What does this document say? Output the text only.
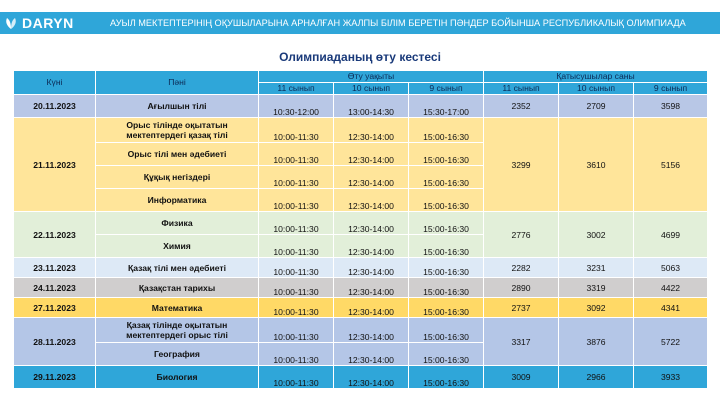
DARYN	АУЫЛ МЕКТЕПТЕРІНІҢ ОҚУШЫЛАРЫНА АРНАЛҒАН ЖАЛПЫ БІЛІМ БЕРЕТІН ПӘНДЕР БОЙЫНША РЕСПУБЛИКАЛЫҚ ОЛИМПИАДА
Олимпиаданың өту кестесі
Күні	Пәні	Өту уақыты			Қатысушылар саны		
		11 сынып	10 сынып	9 сынып	11 сынып	10 сынып	9 сынып
20.11.2023	Ағылшын тілі	10:30-12:00	13:00-14:30	15:30-17:00	2352	2709	3598
21.11.2023	Орыс тілінде оқытатын мектептердегі қазақ тілі	10:00-11:30	12:30-14:00	15:00-16:30	3299	3610	5156
	Орыс тілі мен әдебиеті	10:00-11:30	12:30-14:00	15:00-16:30			
	Құқық негіздері	10:00-11:30	12:30-14:00	15:00-16:30			
	Информатика	10:00-11:30	12:30-14:00	15:00-16:30			
22.11.2023	Физика	10:00-11:30	12:30-14:00	15:00-16:30	2776	3002	4699
	Химия	10:00-11:30	12:30-14:00	15:00-16:30			
23.11.2023	Қазақ тілі мен әдебиеті	10:00-11:30	12:30-14:00	15:00-16:30	2282	3231	5063
24.11.2023	Қазақстан тарихы	10:00-11:30	12:30-14:00	15:00-16:30	2890	3319	4422
27.11.2023	Математика	10:00-11:30	12:30-14:00	15:00-16:30	2737	3092	4341
28.11.2023	Қазақ тілінде оқытатын мектептердегі орыс тілі	10:00-11:30	12:30-14:00	15:00-16:30	3317	3876	5722
	География	10:00-11:30	12:30-14:00	15:00-16:30			
29.11.2023	Биология	10:00-11:30	12:30-14:00	15:00-16:30	3009	2966	3933
